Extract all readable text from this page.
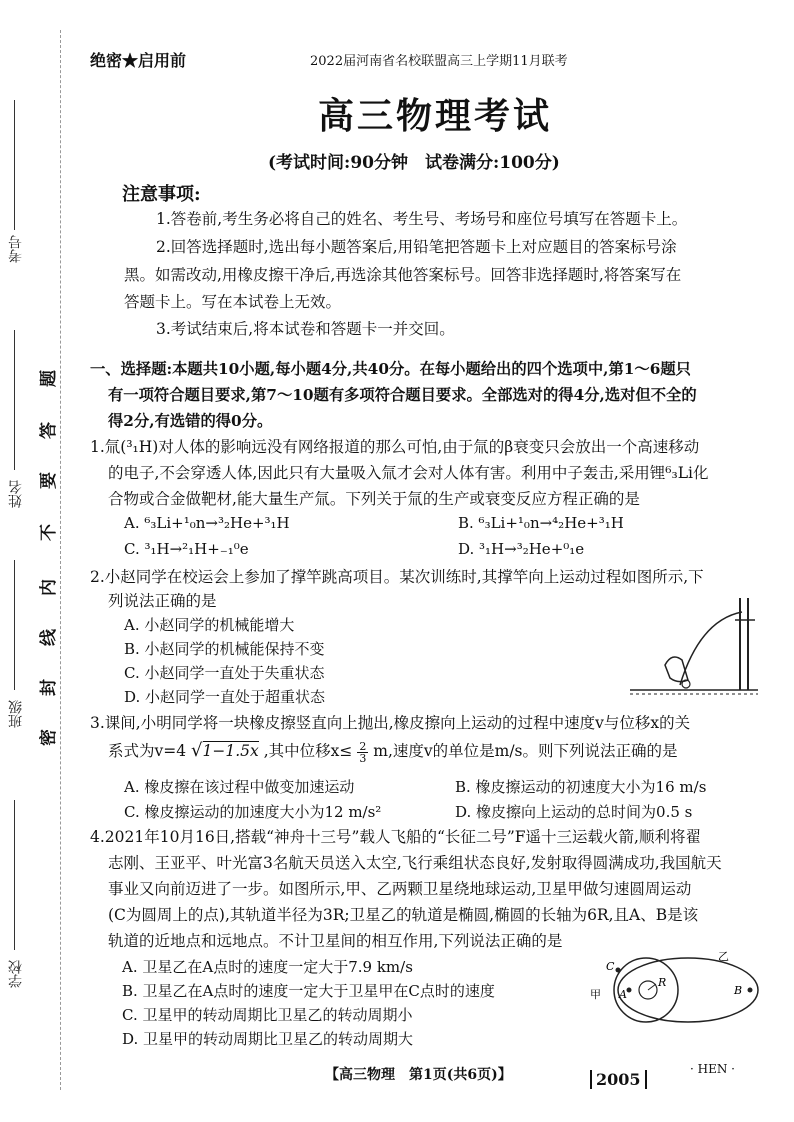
考号
姓名
班级
学校
密
封
线
内
不
要
答
题
绝密★启用前	2022届河南省名校联盟高三上学期11月联考
高三物理考试
(考试时间:90分钟　试卷满分:100分)
注意事项:
1.答卷前,考生务必将自己的姓名、考生号、考场号和座位号填写在答题卡上。
2.回答选择题时,选出每小题答案后,用铅笔把答题卡上对应题目的答案标号涂
黑。如需改动,用橡皮擦干净后,再选涂其他答案标号。回答非选择题时,将答案写在
答题卡上。写在本试卷上无效。
3.考试结束后,将本试卷和答题卡一并交回。
一、选择题:本题共10小题,每小题4分,共40分。在每小题给出的四个选项中,第1～6题只
有一项符合题目要求,第7～10题有多项符合题目要求。全部选对的得4分,选对但不全的
得2分,有选错的得0分。
1.氚(³₁H)对人体的影响远没有网络报道的那么可怕,由于氚的β衰变只会放出一个高速移动
的电子,不会穿透人体,因此只有大量吸入氚才会对人体有害。利用中子轰击,采用锂⁶₃Li化
合物或合金做靶材,能大量生产氚。下列关于氚的生产或衰变反应方程正确的是
A. ⁶₃Li+¹₀n→³₂He+³₁H	B. ⁶₃Li+¹₀n→⁴₂He+³₁H
C. ³₁H→²₁H+₋₁⁰e	D. ³₁H→³₂He+⁰₁e
2.小赵同学在校运会上参加了撑竿跳高项目。某次训练时,其撑竿向上运动过程如图所示,下
列说法正确的是
A. 小赵同学的机械能增大
B. 小赵同学的机械能保持不变
C. 小赵同学一直处于失重状态
D. 小赵同学一直处于超重状态
3.课间,小明同学将一块橡皮擦竖直向上抛出,橡皮擦向上运动的过程中速度v与位移x的关
系式为v=4 √1−1.5x ,其中位移$x\le \frac{2}{3} m$,速度v的单位是m/s。则下列说法正确的是
A. 橡皮擦在该过程中做变加速运动	B. 橡皮擦运动的初速度大小为16 m/s
C. 橡皮擦运动的加速度大小为12 m/s²	D. 橡皮擦向上运动的总时间为0.5 s
4.2021年10月16日,搭载“神舟十三号”载人飞船的“长征二号”F遥十三运载火箭,顺利将翟
志刚、王亚平、叶光富3名航天员送入太空,飞行乘组状态良好,发射取得圆满成功,我国航天
事业又向前迈进了一步。如图所示,甲、乙两颗卫星绕地球运动,卫星甲做匀速圆周运动
(C为圆周上的点),其轨道半径为3R;卫星乙的轨道是椭圆,椭圆的长轴为6R,且A、B是该
轨道的近地点和远地点。不计卫星间的相互作用,下列说法正确的是
A. 卫星乙在A点时的速度一定大于7.9 km/s
B. 卫星乙在A点时的速度一定大于卫星甲在C点时的速度
C. 卫星甲的转动周期比卫星乙的转动周期小
D. 卫星甲的转动周期比卫星乙的转动周期大
C
A
R
B
甲
乙
【高三物理　第1页(共6页)】	2005
· HEN ·
